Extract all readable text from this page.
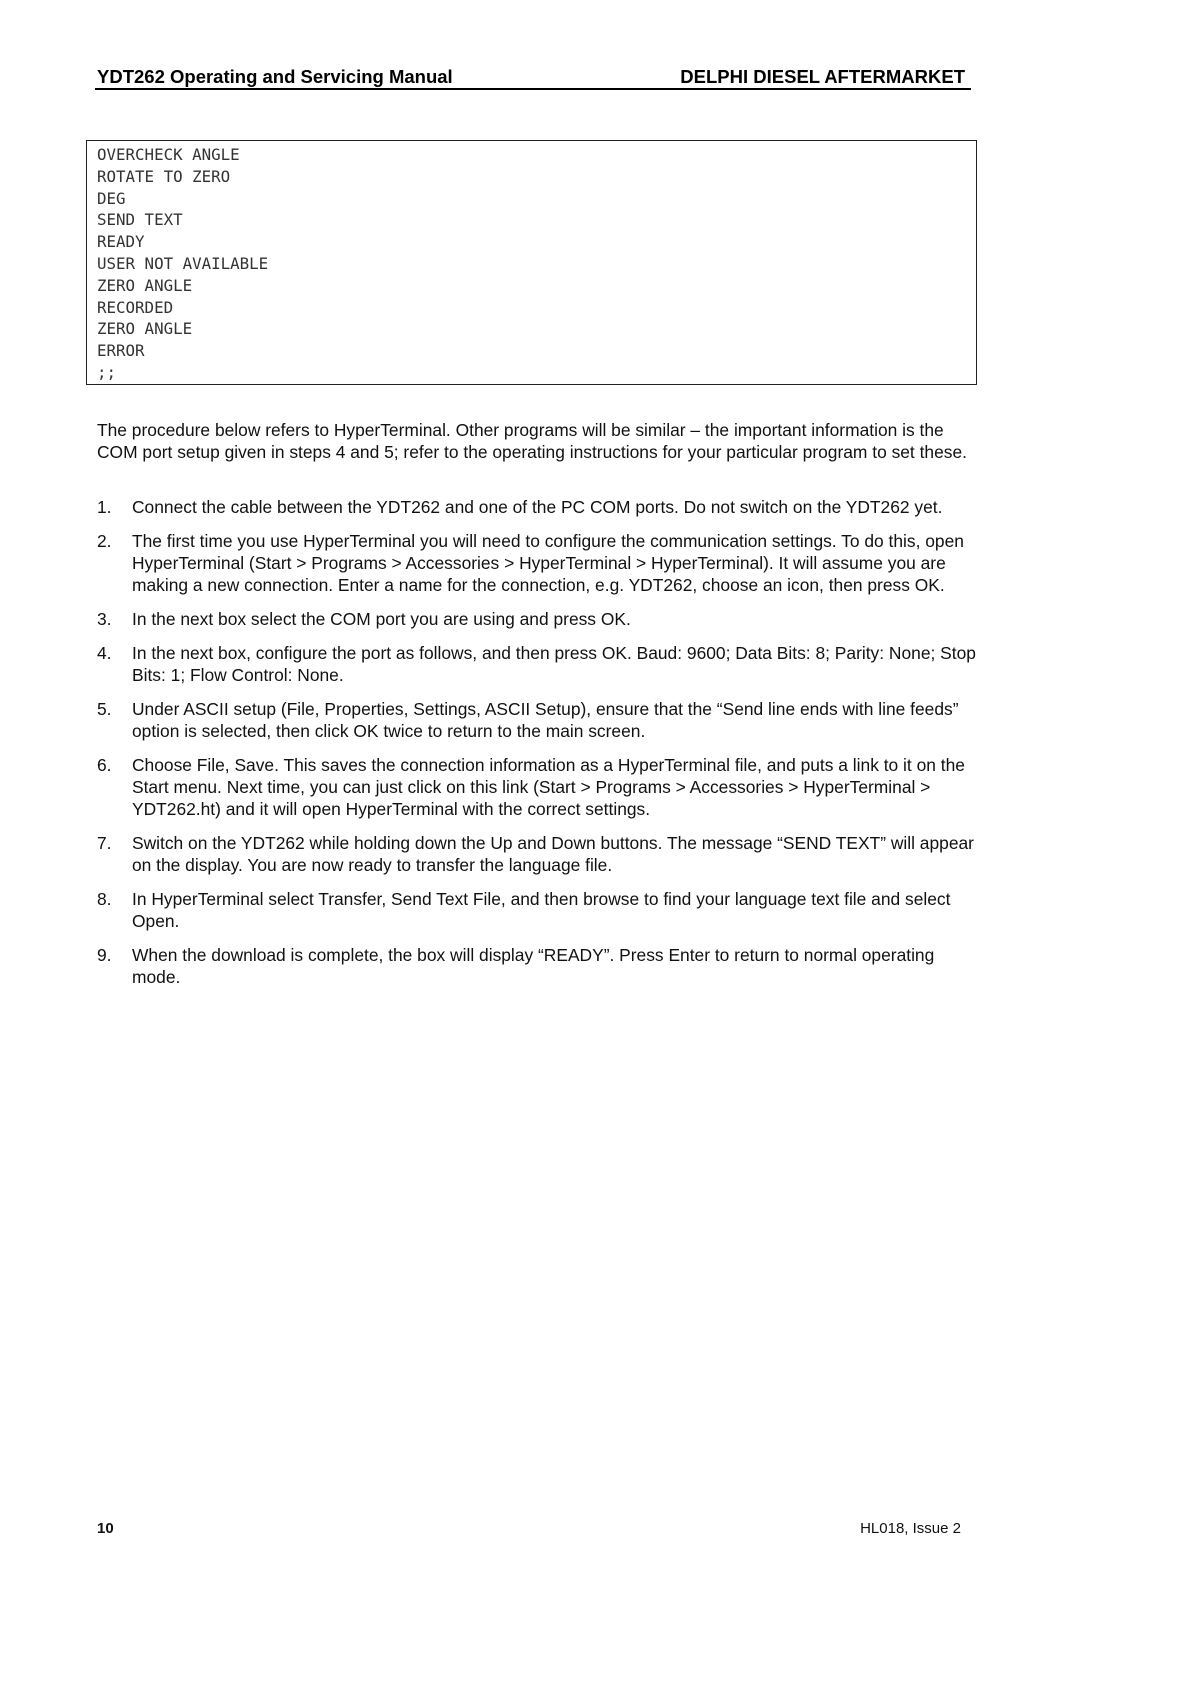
YDT262 Operating and Servicing Manual	DELPHI DIESEL AFTERMARKET
OVERCHECK ANGLE
ROTATE TO ZERO
DEG
SEND TEXT
READY
USER NOT AVAILABLE
ZERO ANGLE
RECORDED
ZERO ANGLE
ERROR
;;

The procedure below refers to HyperTerminal. Other programs will be similar – the important information is the COM port setup given in steps 4 and 5; refer to the operating instructions for your particular program to set these.

1. Connect the cable between the YDT262 and one of the PC COM ports. Do not switch on the YDT262 yet.
2. The first time you use HyperTerminal you will need to configure the communication settings. To do this, open HyperTerminal (Start > Programs > Accessories > HyperTerminal > HyperTerminal). It will assume you are making a new connection. Enter a name for the connection, e.g. YDT262, choose an icon, then press OK.
3. In the next box select the COM port you are using and press OK.
4. In the next box, configure the port as follows, and then press OK. Baud: 9600; Data Bits: 8; Parity: None; Stop Bits: 1; Flow Control: None.
5. Under ASCII setup (File, Properties, Settings, ASCII Setup), ensure that the “Send line ends with line feeds” option is selected, then click OK twice to return to the main screen.
6. Choose File, Save. This saves the connection information as a HyperTerminal file, and puts a link to it on the Start menu. Next time, you can just click on this link (Start > Programs > Accessories > HyperTerminal > YDT262.ht) and it will open HyperTerminal with the correct settings.
7. Switch on the YDT262 while holding down the Up and Down buttons. The message “SEND TEXT” will appear on the display. You are now ready to transfer the language file.
8. In HyperTerminal select Transfer, Send Text File, and then browse to find your language text file and select Open.
9. When the download is complete, the box will display “READY”. Press Enter to return to normal operating mode.
10	HL018, Issue 2
